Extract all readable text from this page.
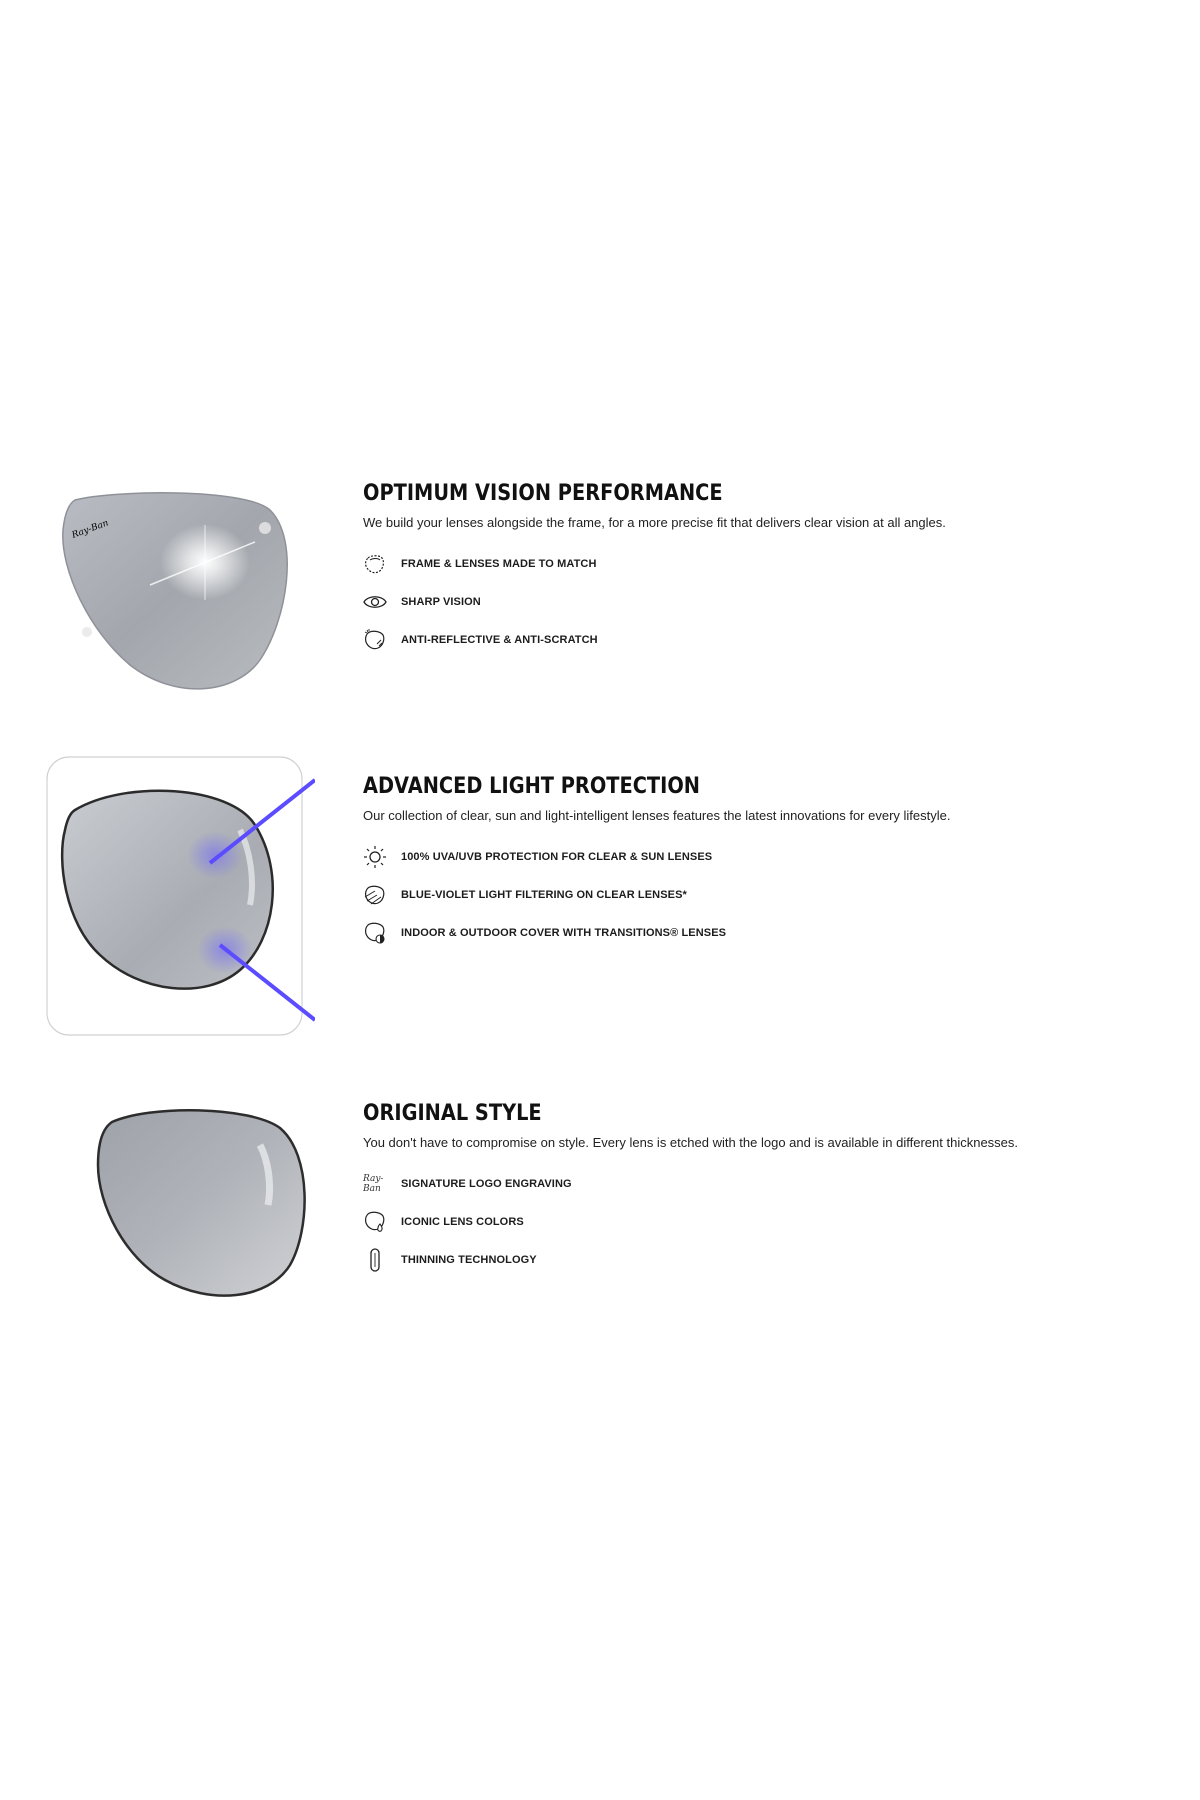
Ray-Ban
OPTIMUM VISION PERFORMANCE

We build your lenses alongside the frame, for a more precise fit that delivers clear vision at all angles.

FRAME & LENSES MADE TO MATCH
SHARP VISION
ANTI-REFLECTIVE & ANTI-SCRATCH
ADVANCED LIGHT PROTECTION

Our collection of clear, sun and light-intelligent lenses features the latest innovations for every lifestyle.

100% UVA/UVB PROTECTION FOR CLEAR & SUN LENSES
BLUE-VIOLET LIGHT FILTERING ON CLEAR LENSES*
INDOOR & OUTDOOR COVER WITH TRANSITIONS® LENSES
ORIGINAL STYLE

You don't have to compromise on style. Every lens is etched with the logo and is available in different thicknesses.

Ray-Ban	SIGNATURE LOGO ENGRAVING
ICONIC LENS COLORS
THINNING TECHNOLOGY
